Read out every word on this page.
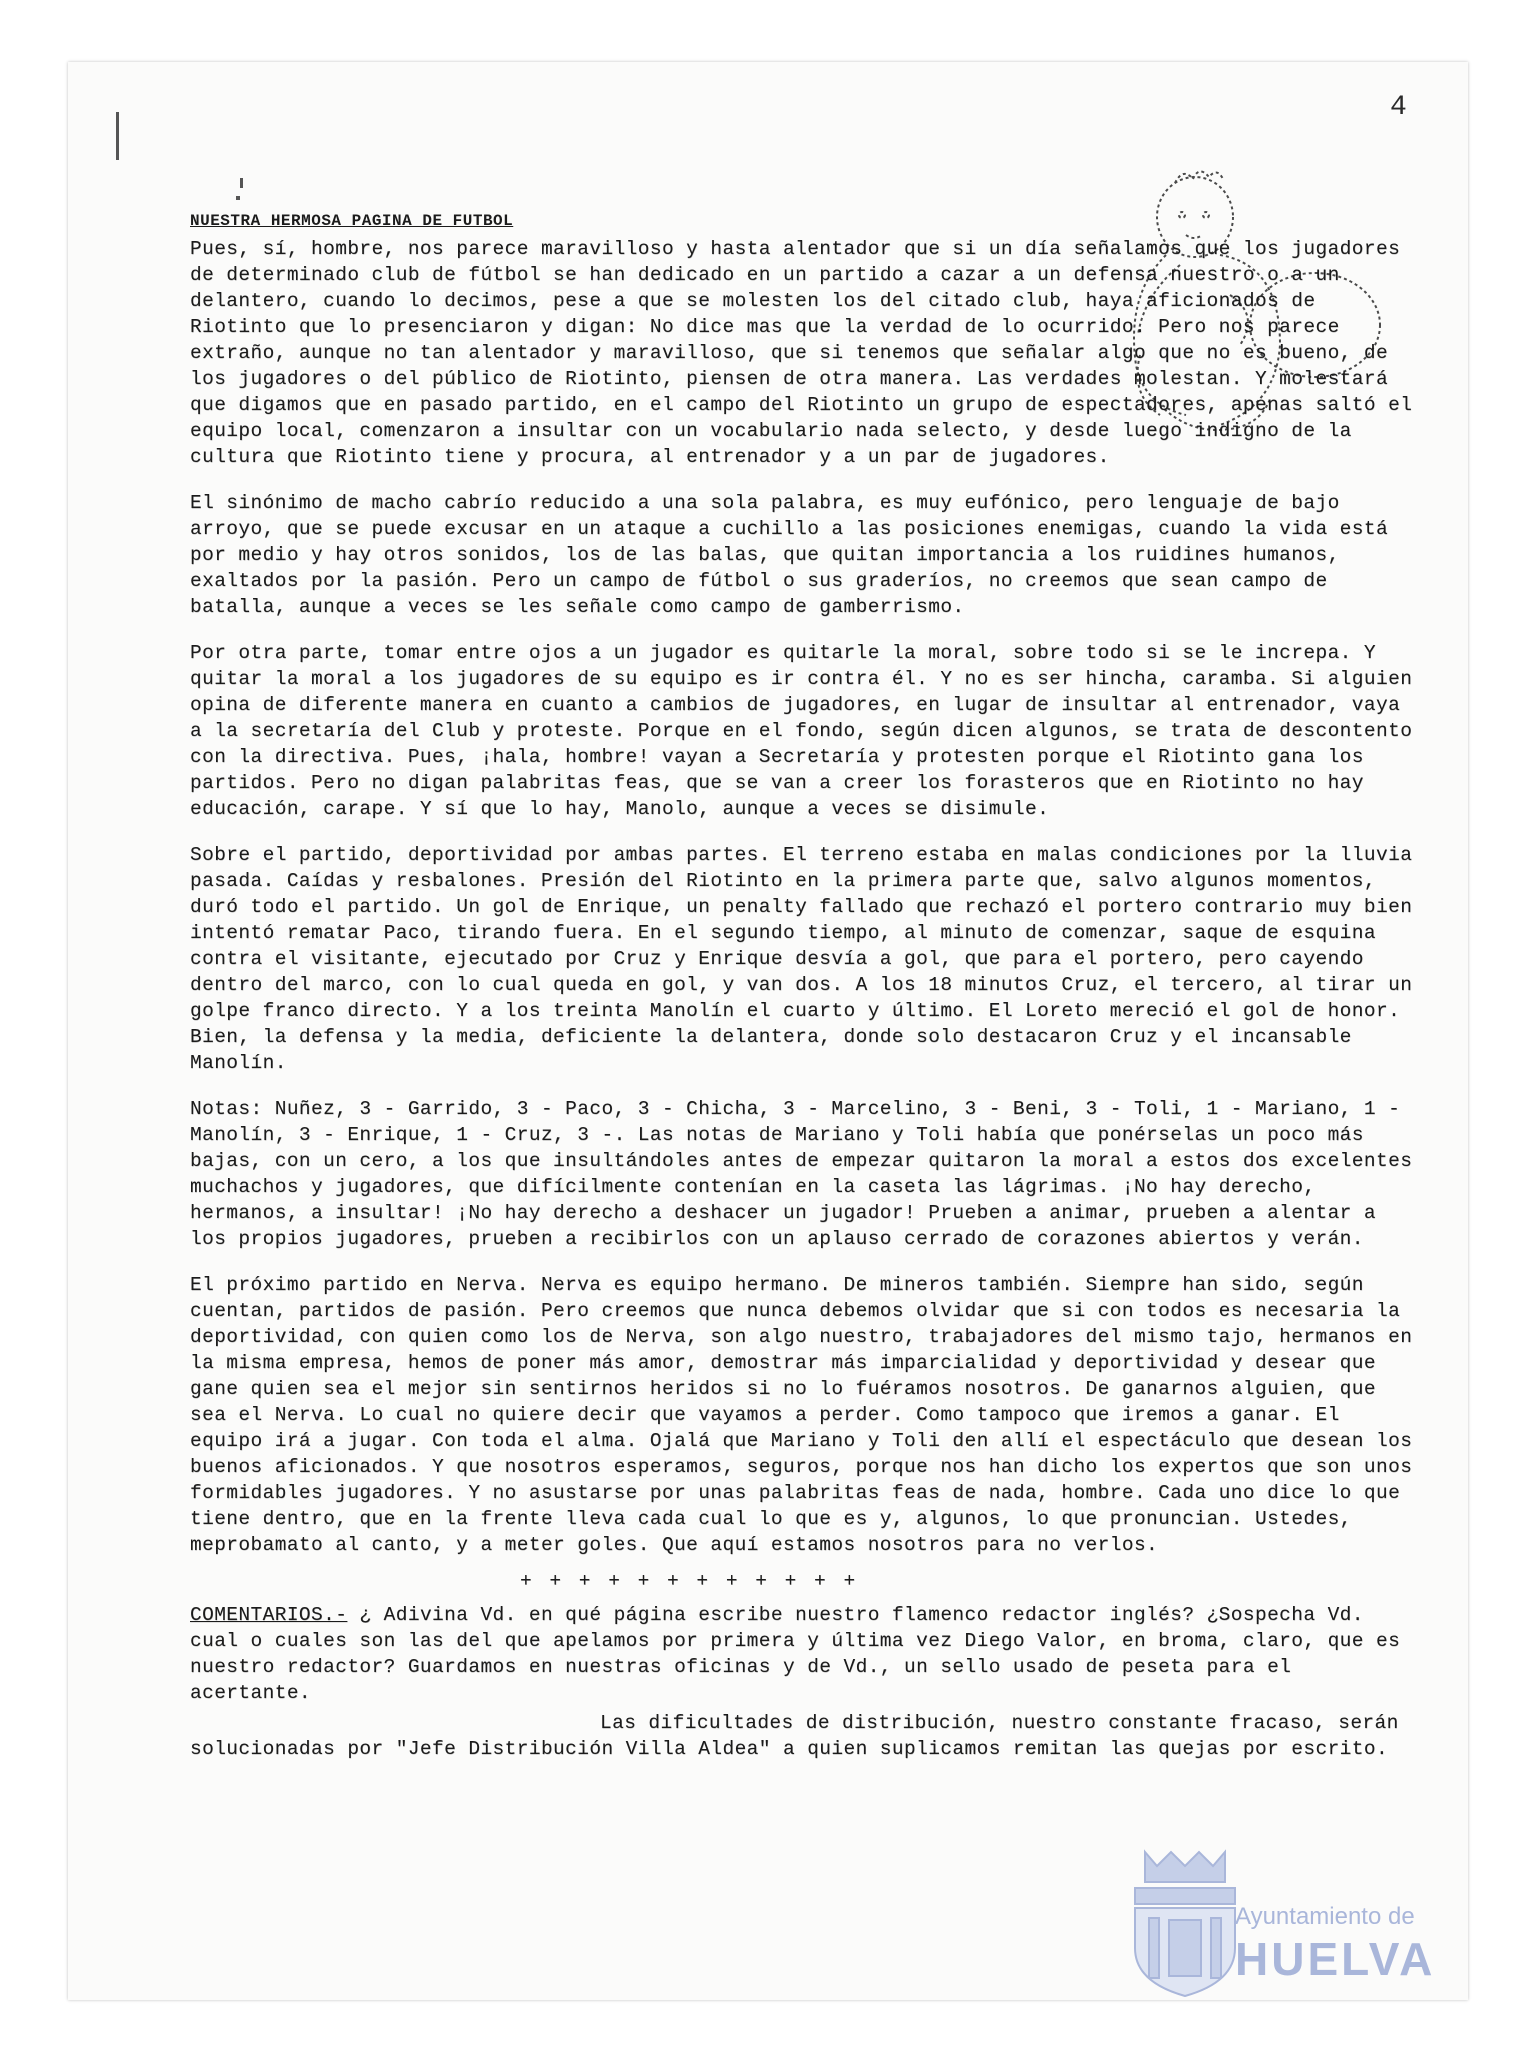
4
NUESTRA HERMOSA PAGINA DE FUTBOL

Pues, sí, hombre, nos parece maravilloso y hasta alentador que si un día señalamos que los jugadores de determinado club de fútbol se han dedicado en un partido a cazar a un defensa nuestro o a un delantero, cuando lo decimos, pese a que se molesten los del citado club, haya aficionados de Riotinto que lo presenciaron y digan: No dice mas que la verdad de lo ocurrido. Pero nos parece extraño, aunque no tan alentador y maravilloso, que si tenemos que señalar algo que no es bueno, de los jugadores o del público de Riotinto, piensen de otra manera. Las verdades molestan. Y molestará que digamos que en pasado partido, en el campo del Riotinto un grupo de espectadores, apenas saltó el equipo local, comenzaron a insultar con un vocabulario nada selecto, y desde luego indigno de la cultura que Riotinto tiene y procura, al entrenador y a un par de jugadores.

El sinónimo de macho cabrío reducido a una sola palabra, es muy eufónico, pero lenguaje de bajo arroyo, que se puede excusar en un ataque a cuchillo a las posiciones enemigas, cuando la vida está por medio y hay otros sonidos, los de las balas, que quitan importancia a los ruidines humanos, exaltados por la pasión. Pero un campo de fútbol o sus graderíos, no creemos que sean campo de batalla, aunque a veces se les señale como campo de gamberrismo.

Por otra parte, tomar entre ojos a un jugador es quitarle la moral, sobre todo si se le increpa. Y quitar la moral a los jugadores de su equipo es ir contra él. Y no es ser hincha, caramba. Si alguien opina de diferente manera en cuanto a cambios de jugadores, en lugar de insultar al entrenador, vaya a la secretaría del Club y proteste. Porque en el fondo, según dicen algunos, se trata de descontento con la directiva. Pues, ¡hala, hombre! vayan a Secretaría y protesten porque el Riotinto gana los partidos. Pero no digan palabritas feas, que se van a creer los forasteros que en Riotinto no hay educación, carape. Y sí que lo hay, Manolo, aunque a veces se disimule.

Sobre el partido, deportividad por ambas partes. El terreno estaba en malas condiciones por la lluvia pasada. Caídas y resbalones. Presión del Riotinto en la primera parte que, salvo algunos momentos, duró todo el partido. Un gol de Enrique, un penalty fallado que rechazó el portero contrario muy bien intentó rematar Paco, tirando fuera. En el segundo tiempo, al minuto de comenzar, saque de esquina contra el visitante, ejecutado por Cruz y Enrique desvía a gol, que para el portero, pero cayendo dentro del marco, con lo cual queda en gol, y van dos. A los 18 minutos Cruz, el tercero, al tirar un golpe franco directo. Y a los treinta Manolín el cuarto y último. El Loreto mereció el gol de honor. Bien, la defensa y la media, deficiente la delantera, donde solo destacaron Cruz y el incansable Manolín.

Notas: Nuñez, 3 - Garrido, 3 - Paco, 3 - Chicha, 3 - Marcelino, 3 - Beni, 3 - Toli, 1 - Mariano, 1 - Manolín, 3 - Enrique, 1 - Cruz, 3 -. Las notas de Mariano y Toli había que ponérselas un poco más bajas, con un cero, a los que insultándoles antes de empezar quitaron la moral a estos dos excelentes muchachos y jugadores, que difícilmente contenían en la caseta las lágrimas. ¡No hay derecho, hermanos, a insultar! ¡No hay derecho a deshacer un jugador! Prueben a animar, prueben a alentar a los propios jugadores, prueben a recibirlos con un aplauso cerrado de corazones abiertos y verán.

El próximo partido en Nerva. Nerva es equipo hermano. De mineros también. Siempre han sido, según cuentan, partidos de pasión. Pero creemos que nunca debemos olvidar que si con todos es necesaria la deportividad, con quien como los de Nerva, son algo nuestro, trabajadores del mismo tajo, hermanos en la misma empresa, hemos de poner más amor, demostrar más imparcialidad y deportividad y desear que gane quien sea el mejor sin sentirnos heridos si no lo fuéramos nosotros. De ganarnos alguien, que sea el Nerva. Lo cual no quiere decir que vayamos a perder. Como tampoco que iremos a ganar. El equipo irá a jugar. Con toda el alma. Ojalá que Mariano y Toli den allí el espectáculo que desean los buenos aficionados. Y que nosotros esperamos, seguros, porque nos han dicho los expertos que son unos formidables jugadores. Y no asustarse por unas palabritas feas de nada, hombre. Cada uno dice lo que tiene dentro, que en la frente lleva cada cual lo que es y, algunos, lo que pronuncian. Ustedes, meprobamato al canto, y a meter goles. Que aquí estamos nosotros para no verlos.

+ + + + + + + + + + + +

COMENTARIOS.- ¿ Adivina Vd. en qué página escribe nuestro flamenco redactor inglés? ¿Sospecha Vd. cual o cuales son las del que apelamos por primera y última vez Diego Valor, en broma, claro, que es nuestro redactor? Guardamos en nuestras oficinas y de Vd., un sello usado de peseta para el acertante.

Las dificultades de distribución, nuestro constante fracaso, serán solucionadas por "Jefe Distribución Villa Aldea" a quien suplicamos remitan las quejas por escrito.

Ayuntamiento de
HUELVA
